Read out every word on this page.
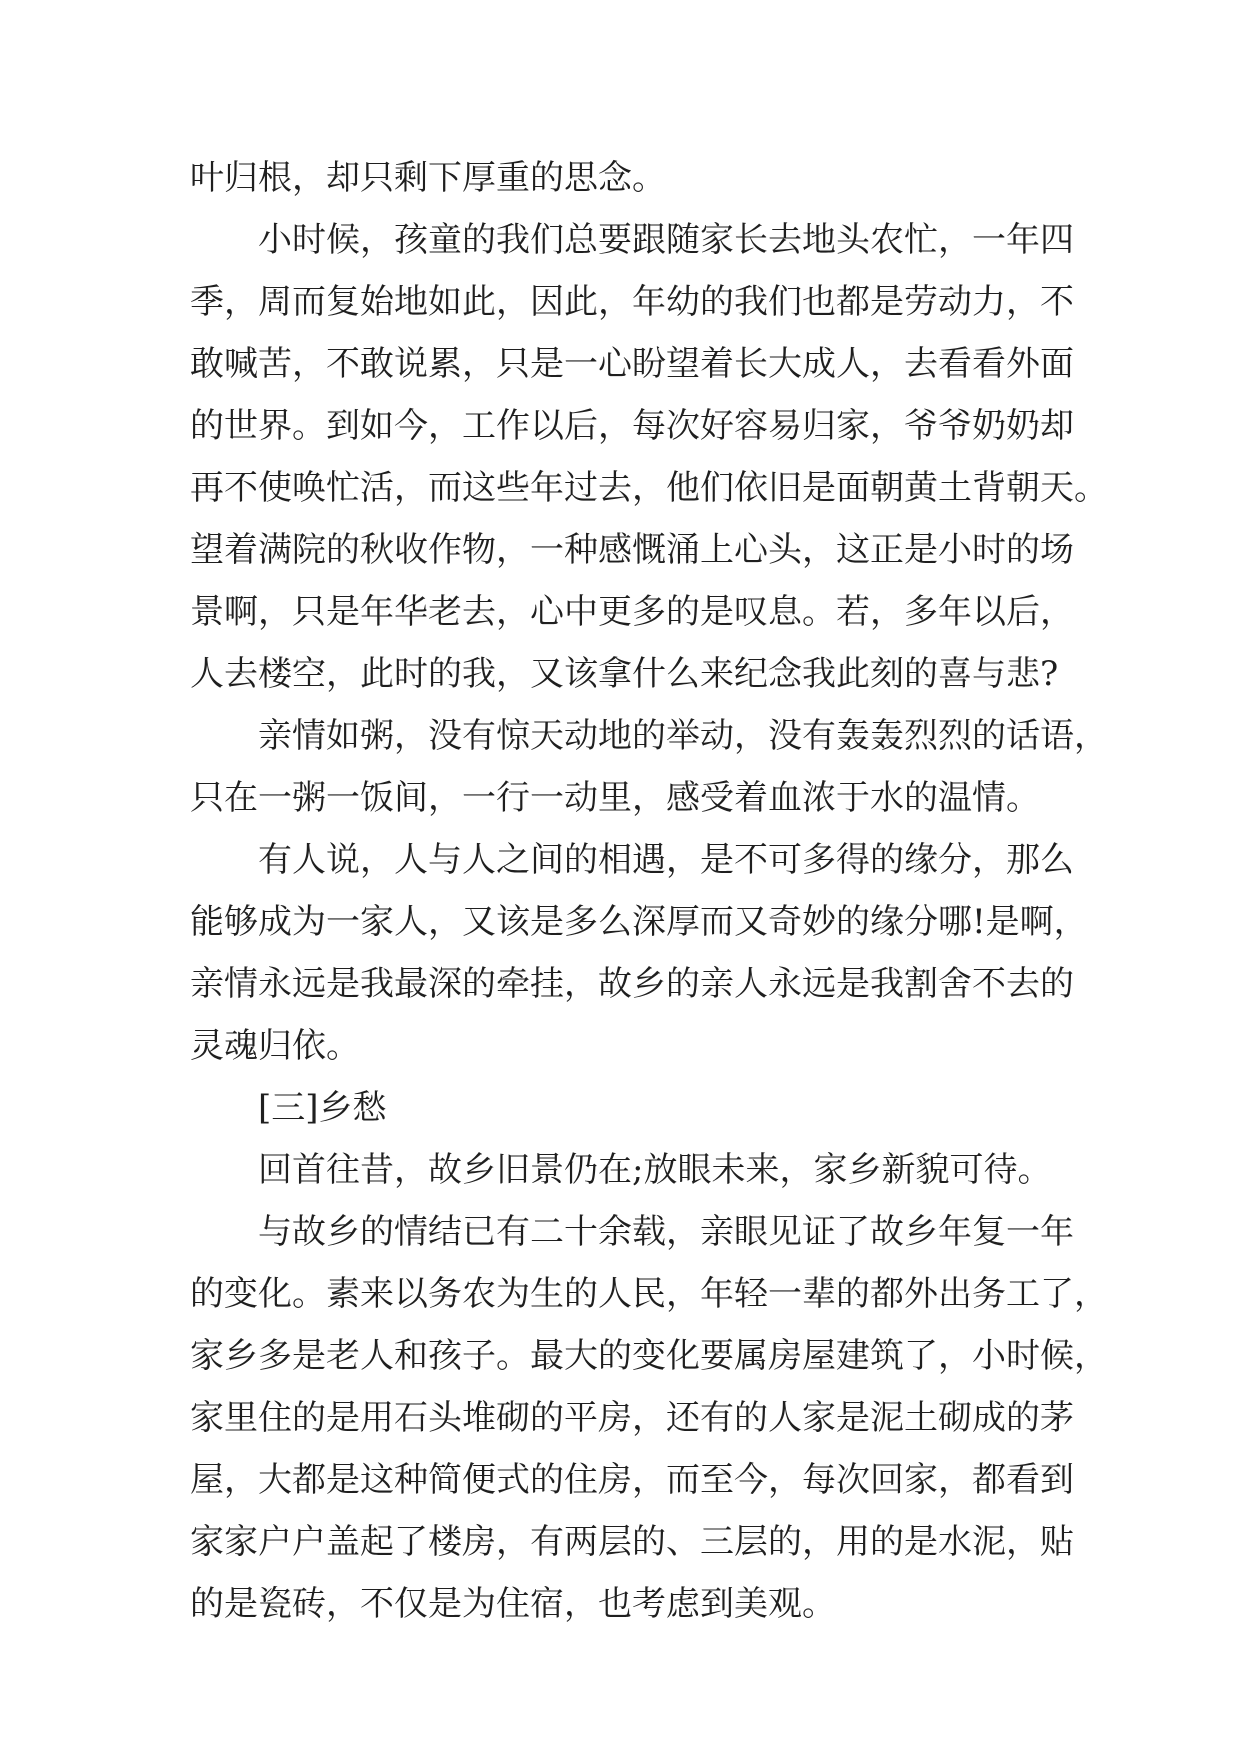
叶归根，却只剩下厚重的思念。
小时候，孩童的我们总要跟随家长去地头农忙，一年四
季，周而复始地如此，因此，年幼的我们也都是劳动力，不
敢喊苦，不敢说累，只是一心盼望着长大成人，去看看外面
的世界。到如今，工作以后，每次好容易归家，爷爷奶奶却
再不使唤忙活，而这些年过去，他们依旧是面朝黄土背朝天。
望着满院的秋收作物，一种感慨涌上心头，这正是小时的场
景啊，只是年华老去，心中更多的是叹息。若，多年以后，
人去楼空，此时的我，又该拿什么来纪念我此刻的喜与悲?
亲情如粥，没有惊天动地的举动，没有轰轰烈烈的话语，
只在一粥一饭间，一行一动里，感受着血浓于水的温情。
有人说，人与人之间的相遇，是不可多得的缘分，那么
能够成为一家人，又该是多么深厚而又奇妙的缘分哪!是啊，
亲情永远是我最深的牵挂，故乡的亲人永远是我割舍不去的
灵魂归依。
[三]乡愁
回首往昔，故乡旧景仍在;放眼未来，家乡新貌可待。
与故乡的情结已有二十余载，亲眼见证了故乡年复一年
的变化。素来以务农为生的人民，年轻一辈的都外出务工了，
家乡多是老人和孩子。最大的变化要属房屋建筑了，小时候，
家里住的是用石头堆砌的平房，还有的人家是泥土砌成的茅
屋，大都是这种简便式的住房，而至今，每次回家，都看到
家家户户盖起了楼房，有两层的、三层的，用的是水泥，贴
的是瓷砖，不仅是为住宿，也考虑到美观。
